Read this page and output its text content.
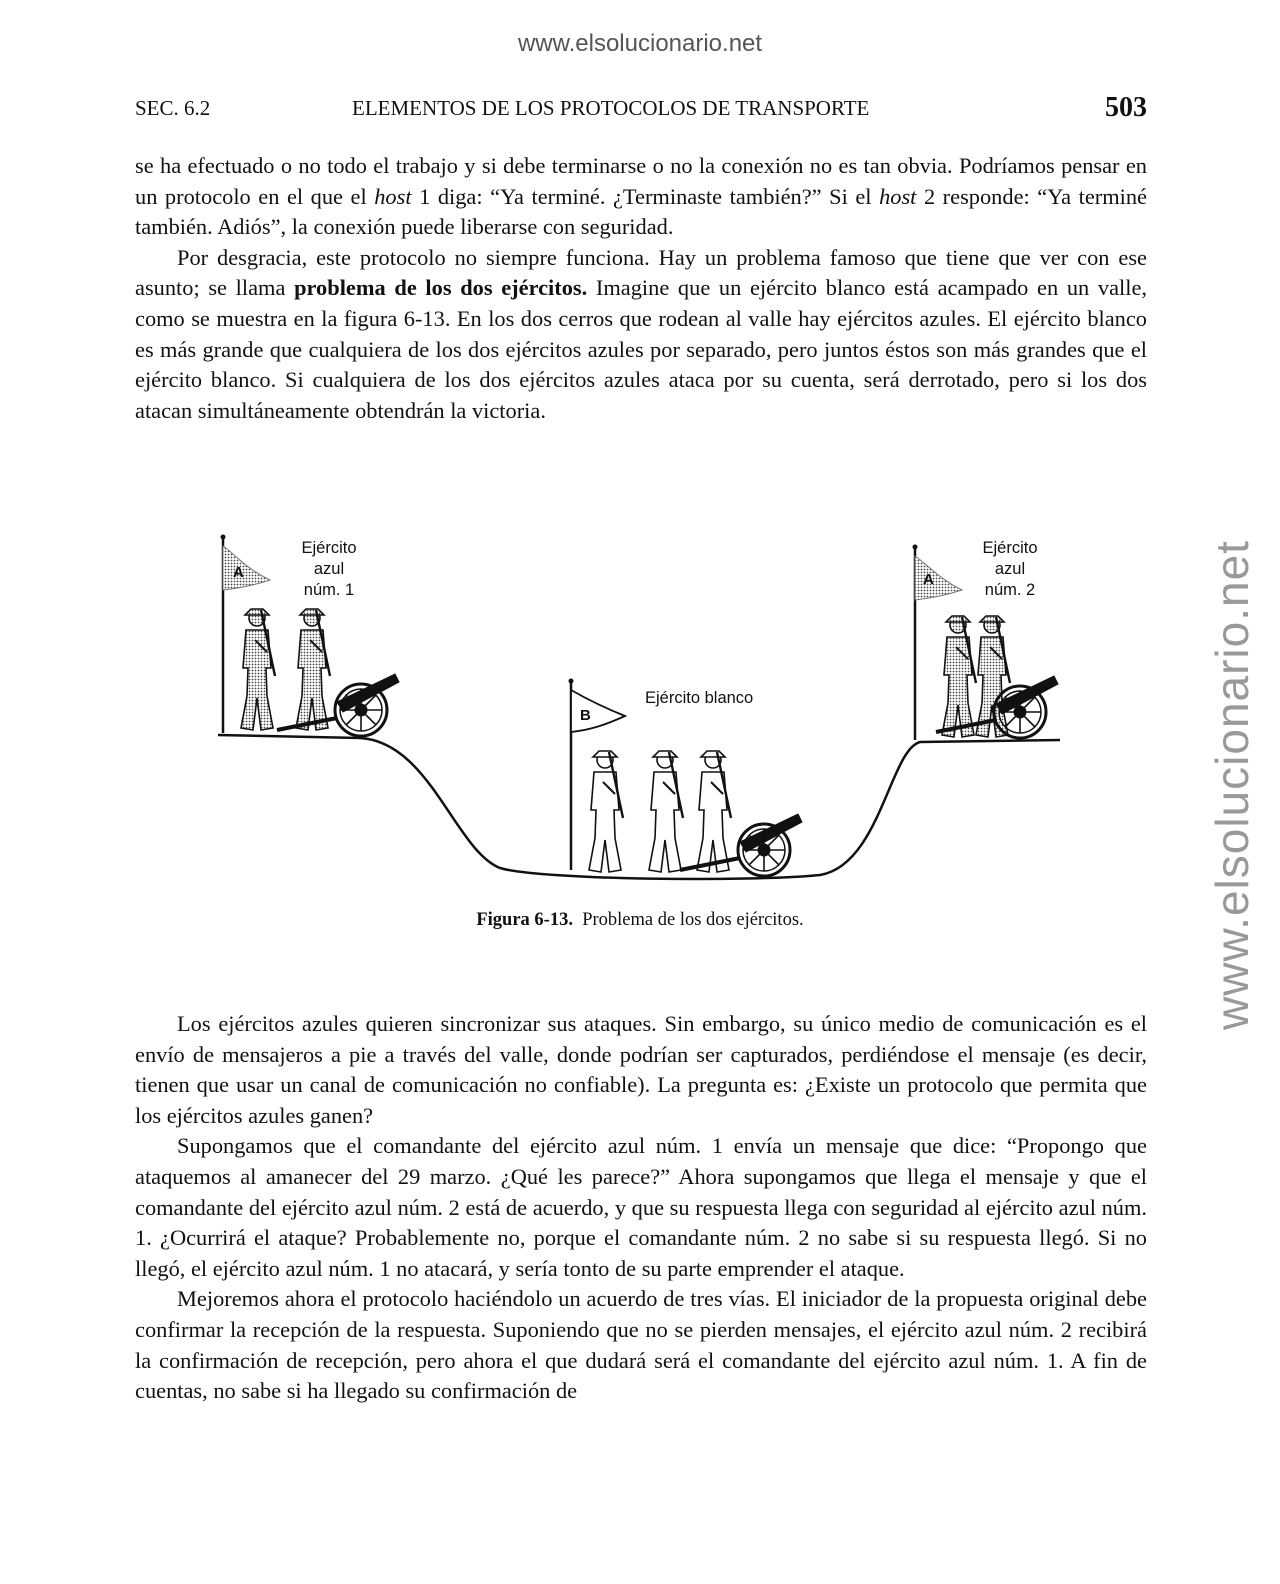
www.elsolucionario.net
www.elsolucionario.net
SEC. 6.2	ELEMENTOS DE LOS PROTOCOLOS DE TRANSPORTE	503

se ha efectuado o no todo el trabajo y si debe terminarse o no la conexión no es tan obvia. Podríamos pensar en un protocolo en el que el host 1 diga: “Ya terminé. ¿Terminaste también?” Si el host 2 responde: “Ya terminé también. Adiós”, la conexión puede liberarse con seguridad.

Por desgracia, este protocolo no siempre funciona. Hay un problema famoso que tiene que ver con ese asunto; se llama problema de los dos ejércitos. Imagine que un ejército blanco está acampado en un valle, como se muestra en la figura 6-13. En los dos cerros que rodean al valle hay ejércitos azules. El ejército blanco es más grande que cualquiera de los dos ejércitos azules por separado, pero juntos éstos son más grandes que el ejército blanco. Si cualquiera de los dos ejércitos azules ataca por su cuenta, será derrotado, pero si los dos atacan simultáneamente obtendrán la victoria.

A
Ejército
azul
núm. 1
B
Ejército blanco
A
Ejército
azul
núm. 2
Figura 6-13. Problema de los dos ejércitos.

Los ejércitos azules quieren sincronizar sus ataques. Sin embargo, su único medio de comunicación es el envío de mensajeros a pie a través del valle, donde podrían ser capturados, perdiéndose el mensaje (es decir, tienen que usar un canal de comunicación no confiable). La pregunta es: ¿Existe un protocolo que permita que los ejércitos azules ganen?

Supongamos que el comandante del ejército azul núm. 1 envía un mensaje que dice: “Propongo que ataquemos al amanecer del 29 marzo. ¿Qué les parece?” Ahora supongamos que llega el mensaje y que el comandante del ejército azul núm. 2 está de acuerdo, y que su respuesta llega con seguridad al ejército azul núm. 1. ¿Ocurrirá el ataque? Probablemente no, porque el comandante núm. 2 no sabe si su respuesta llegó. Si no llegó, el ejército azul núm. 1 no atacará, y sería tonto de su parte emprender el ataque.

Mejoremos ahora el protocolo haciéndolo un acuerdo de tres vías. El iniciador de la propuesta original debe confirmar la recepción de la respuesta. Suponiendo que no se pierden mensajes, el ejército azul núm. 2 recibirá la confirmación de recepción, pero ahora el que dudará será el comandante del ejército azul núm. 1. A fin de cuentas, no sabe si ha llegado su confirmación de
